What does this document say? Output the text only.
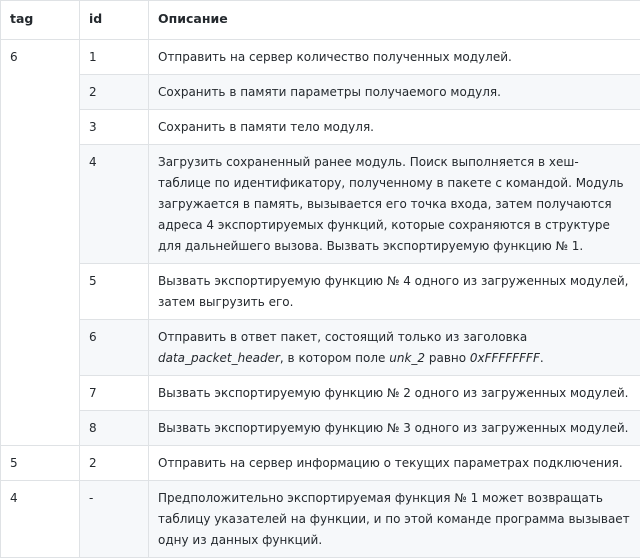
tag	id	Описание
6	1	Отправить на сервер количество полученных модулей.
	2	Сохранить в памяти параметры получаемого модуля.
	3	Сохранить в памяти тело модуля.
	4	Загрузить сохраненный ранее модуль. Поиск выполняется в хеш-таблице по идентификатору, полученному в пакете с командой. Модуль загружается в память, вызывается его точка входа, затем получаются адреса 4 экспортируемых функций, которые сохраняются в структуре для дальнейшего вызова. Вызвать экспортируемую функцию № 1.
	5	Вызвать экспортируемую функцию № 4 одного из загруженных модулей, затем выгрузить его.
	6	Отправить в ответ пакет, состоящий только из заголовка data_packet_header, в котором поле unk_2 равно 0xFFFFFFFF.
	7	Вызвать экспортируемую функцию № 2 одного из загруженных модулей.
	8	Вызвать экспортируемую функцию № 3 одного из загруженных модулей.
5	2	Отправить на сервер информацию о текущих параметрах подключения.
4	-	Предположительно экспортируемая функция № 1 может возвращать таблицу указателей на функции, и по этой команде программа вызывает одну из данных функций.
